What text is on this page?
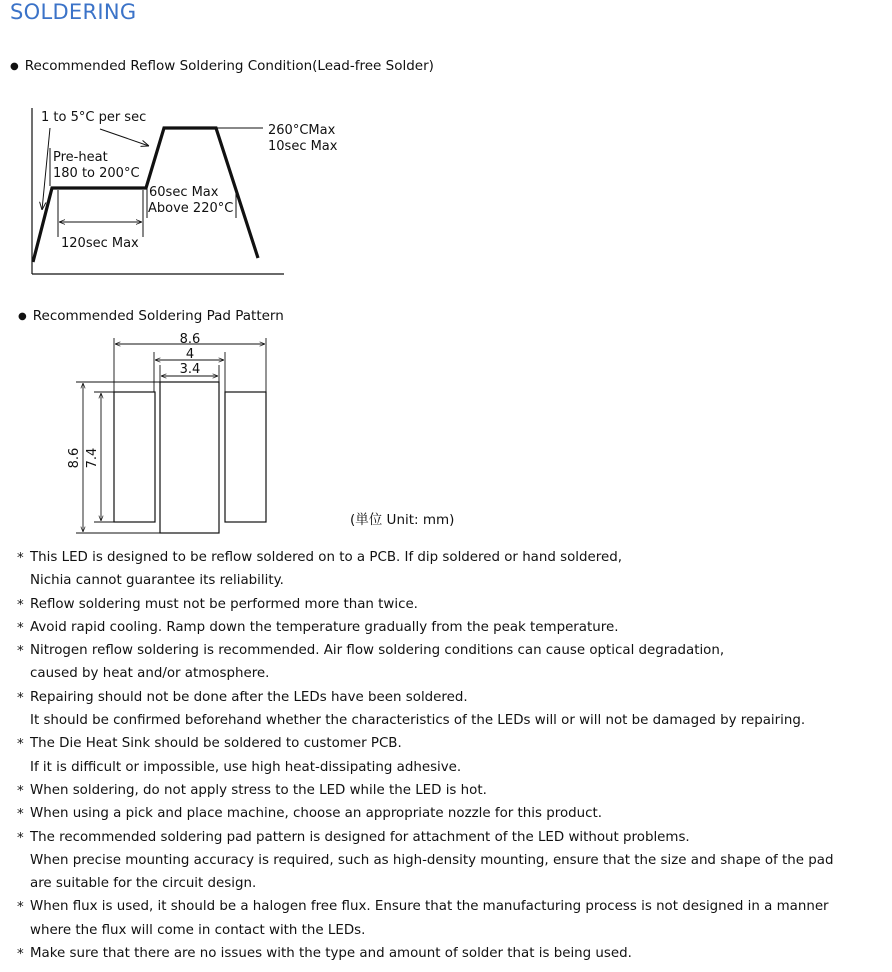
SOLDERING
● Recommended Reflow Soldering Condition(Lead-free Solder)
1 to 5°C per sec
Pre-heat
180 to 200°C
260°CMax
10sec Max
60sec Max
Above 220°C
120sec Max
8.6
4
3.4
8.6 7.4
● Recommended Soldering Pad Pattern
(単位 Unit: mm)
* This LED is designed to be reflow soldered on to a PCB. If dip soldered or hand soldered,
Nichia cannot guarantee its reliability.
* Reflow soldering must not be performed more than twice.
* Avoid rapid cooling. Ramp down the temperature gradually from the peak temperature.
* Nitrogen reflow soldering is recommended. Air flow soldering conditions can cause optical degradation,
caused by heat and/or atmosphere.
* Repairing should not be done after the LEDs have been soldered.
It should be confirmed beforehand whether the characteristics of the LEDs will or will not be damaged by repairing.
* The Die Heat Sink should be soldered to customer PCB.
If it is difficult or impossible, use high heat-dissipating adhesive.
* When soldering, do not apply stress to the LED while the LED is hot.
* When using a pick and place machine, choose an appropriate nozzle for this product.
* The recommended soldering pad pattern is designed for attachment of the LED without problems.
When precise mounting accuracy is required, such as high-density mounting, ensure that the size and shape of the pad
are suitable for the circuit design.
* When flux is used, it should be a halogen free flux. Ensure that the manufacturing process is not designed in a manner
where the flux will come in contact with the LEDs.
* Make sure that there are no issues with the type and amount of solder that is being used.
